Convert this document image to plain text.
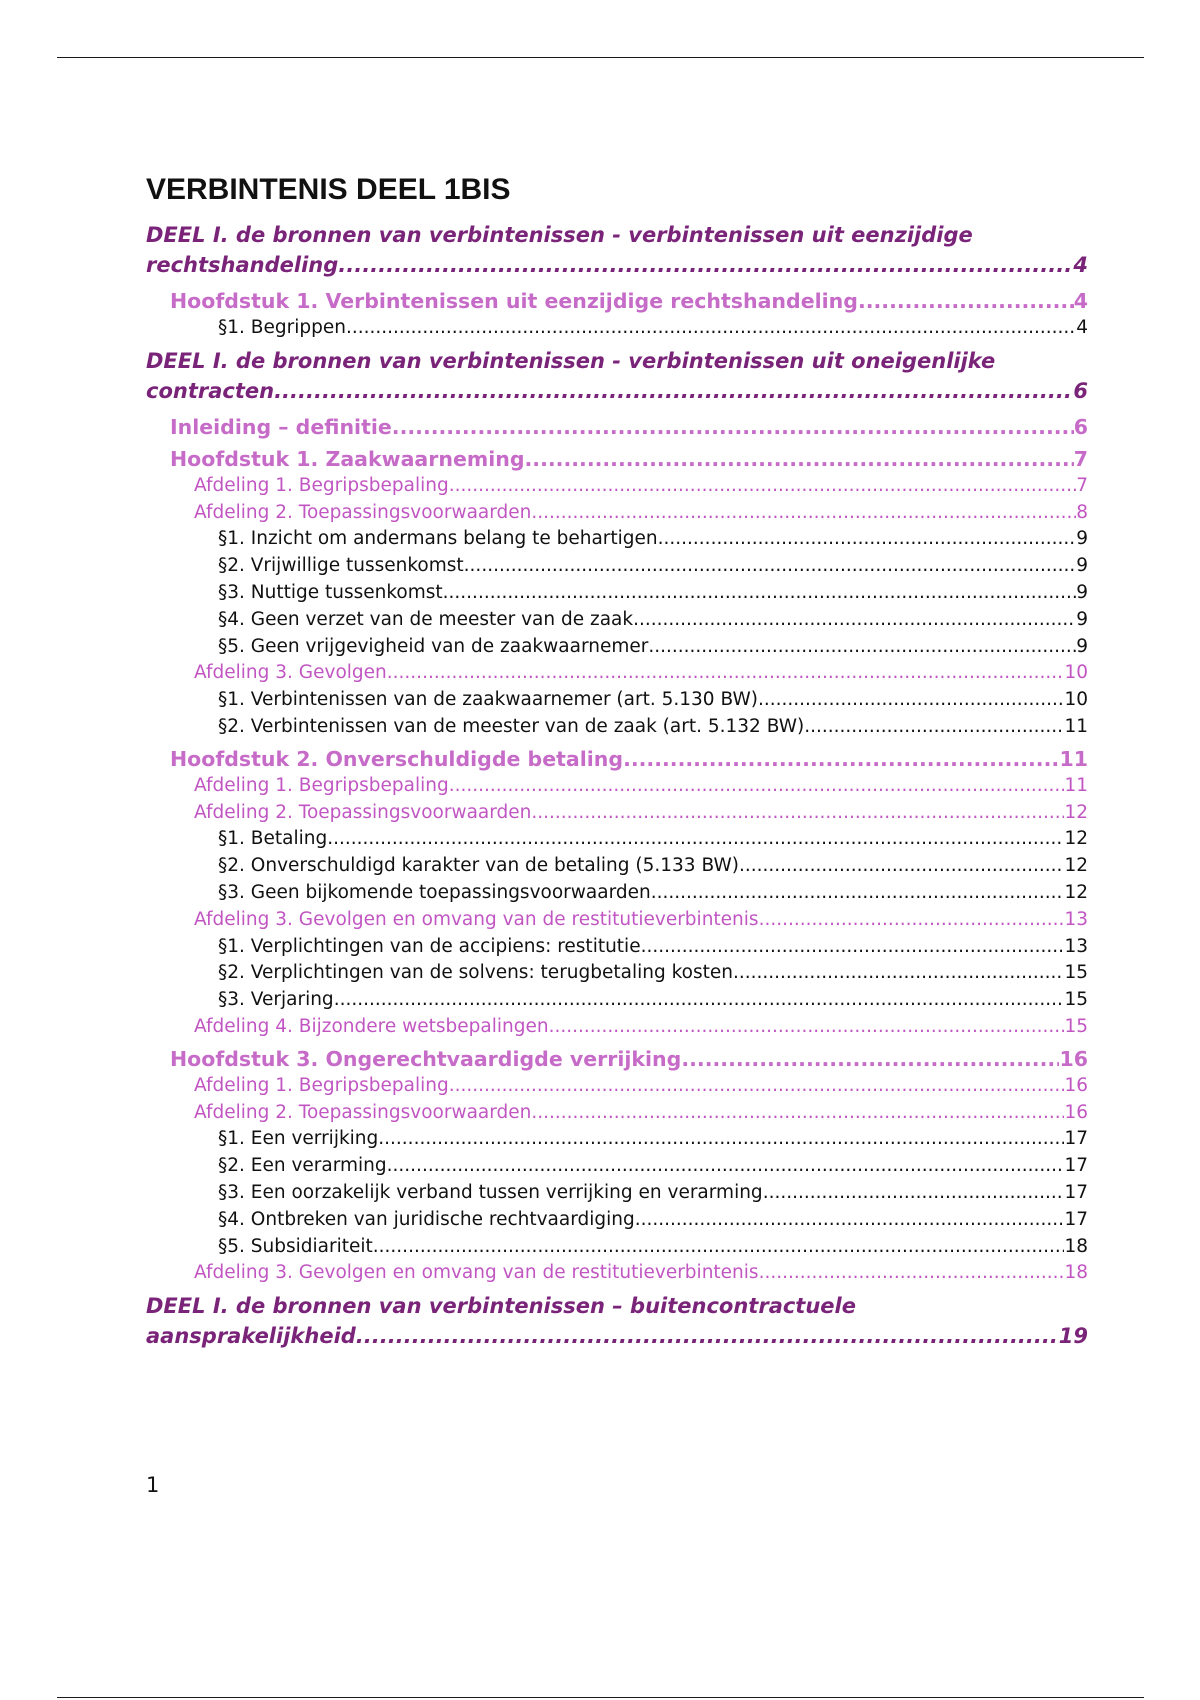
VERBINTENIS DEEL 1BIS
DEEL I. de bronnen van verbintenissen - verbintenissen uit eenzijdige
rechtshandeling .....	4
Hoofdstuk 1. Verbintenissen uit eenzijdige rechtshandeling .....	4
§1. Begrippen .....	4
DEEL I. de bronnen van verbintenissen - verbintenissen uit oneigenlijke
contracten .....	6
Inleiding – definitie .....	6
Hoofdstuk 1. Zaakwaarneming .....	7
Afdeling 1. Begripsbepaling .....	7
Afdeling 2. Toepassingsvoorwaarden .....	8
§1. Inzicht om andermans belang te behartigen .....	9
§2. Vrijwillige tussenkomst .....	9
§3. Nuttige tussenkomst .....	9
§4. Geen verzet van de meester van de zaak .....	9
§5. Geen vrijgevigheid van de zaakwaarnemer .....	9
Afdeling 3. Gevolgen .....	10
§1. Verbintenissen van de zaakwaarnemer (art. 5.130 BW) .....	10
§2. Verbintenissen van de meester van de zaak (art. 5.132 BW) .....	11
Hoofdstuk 2. Onverschuldigde betaling .....	11
Afdeling 1. Begripsbepaling .....	11
Afdeling 2. Toepassingsvoorwaarden .....	12
§1. Betaling .....	12
§2. Onverschuldigd karakter van de betaling (5.133 BW) .....	12
§3. Geen bijkomende toepassingsvoorwaarden .....	12
Afdeling 3. Gevolgen en omvang van de restitutieverbintenis .....	13
§1. Verplichtingen van de accipiens: restitutie .....	13
§2. Verplichtingen van de solvens: terugbetaling kosten .....	15
§3. Verjaring .....	15
Afdeling 4. Bijzondere wetsbepalingen .....	15
Hoofdstuk 3. Ongerechtvaardigde verrijking .....	16
Afdeling 1. Begripsbepaling .....	16
Afdeling 2. Toepassingsvoorwaarden .....	16
§1. Een verrijking .....	17
§2. Een verarming .....	17
§3. Een oorzakelijk verband tussen verrijking en verarming .....	17
§4. Ontbreken van juridische rechtvaardiging .....	17
§5. Subsidiariteit .....	18
Afdeling 3. Gevolgen en omvang van de restitutieverbintenis .....	18
DEEL I. de bronnen van verbintenissen – buitencontractuele
aansprakelijkheid .....	19
1
